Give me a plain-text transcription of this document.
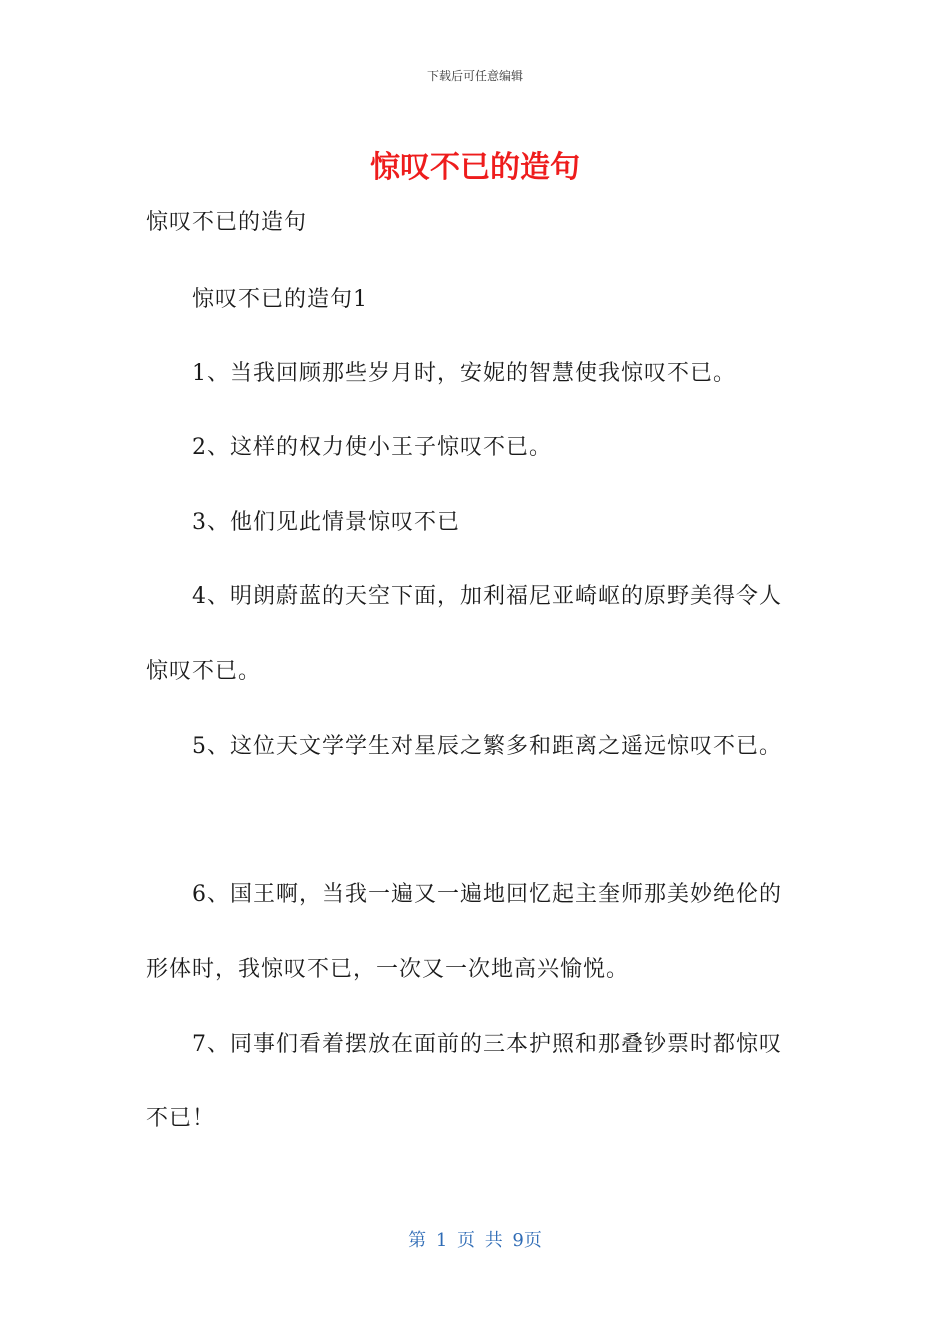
下载后可任意编辑
惊叹不已的造句
惊叹不已的造句
惊叹不已的造句1
1、当我回顾那些岁月时，安妮的智慧使我惊叹不已。
2、这样的权力使小王子惊叹不已。
3、他们见此情景惊叹不已
4、明朗蔚蓝的天空下面，加利福尼亚崎岖的原野美得令人
惊叹不已。
5、这位天文学学生对星辰之繁多和距离之遥远惊叹不已。
6、国王啊，当我一遍又一遍地回忆起主奎师那美妙绝伦的
形体时，我惊叹不已，一次又一次地高兴愉悦。
7、同事们看着摆放在面前的三本护照和那叠钞票时都惊叹
不已！
第 1 页 共 9页
